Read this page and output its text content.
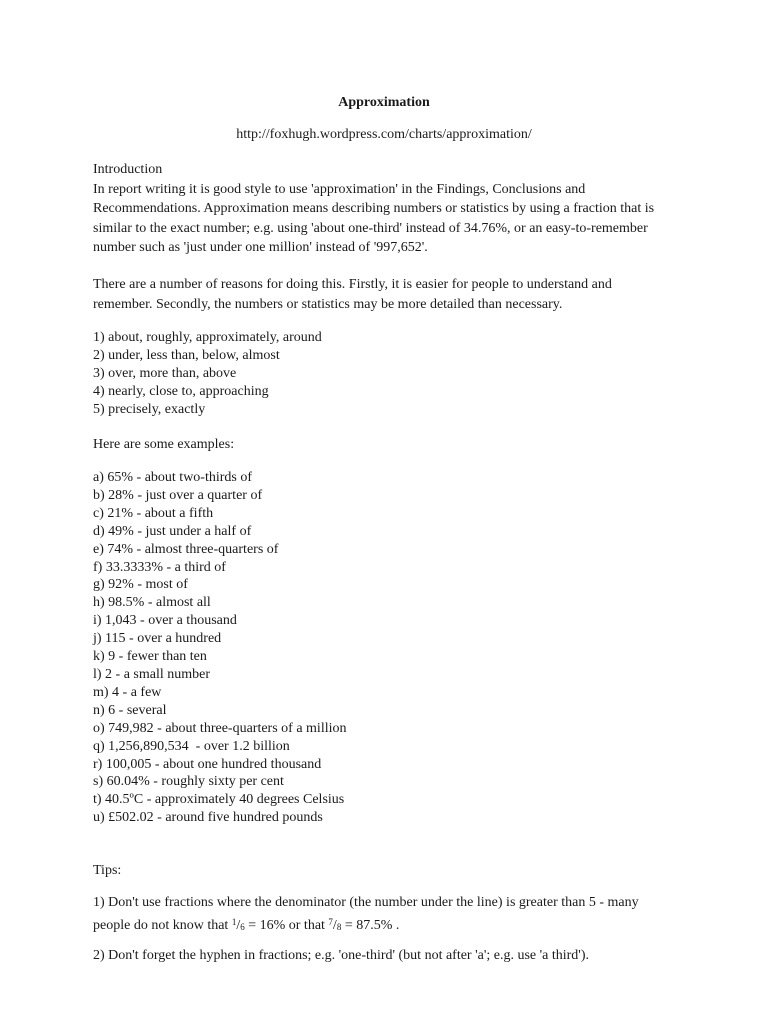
Approximation
http://foxhugh.wordpress.com/charts/approximation/

Introduction

In report writing it is good style to use 'approximation' in the Findings, Conclusions and Recommendations. Approximation means describing numbers or statistics by using a fraction that is similar to the exact number; e.g. using 'about one-third' instead of 34.76%, or an easy-to-remember number such as 'just under one million' instead of '997,652'.

There are a number of reasons for doing this. Firstly, it is easier for people to understand and remember. Secondly, the numbers or statistics may be more detailed than necessary.

1) about, roughly, approximately, around
2) under, less than, below, almost
3) over, more than, above
4) nearly, close to, approaching
5) precisely, exactly

Here are some examples:

a) 65% - about two-thirds of
b) 28% - just over a quarter of
c) 21% - about a fifth
d) 49% - just under a half of
e) 74% - almost three-quarters of
f) 33.3333% - a third of
g) 92% - most of
h) 98.5% - almost all
i) 1,043 - over a thousand
j) 115 - over a hundred
k) 9 - fewer than ten
l) 2 - a small number
m) 4 - a few
n) 6 - several
o) 749,982 - about three-quarters of a million
q) 1,256,890,534  - over 1.2 billion
r) 100,005 - about one hundred thousand
s) 60.04% - roughly sixty per cent
t) 40.5ºC - approximately 40 degrees Celsius
u) £502.02 - around five hundred pounds

Tips:

1) Don't use fractions where the denominator (the number under the line) is greater than 5 - many people do not know that $^1/_6 = 16\%$ or that $^7/_8 = 87.5\%$ .

2) Don't forget the hyphen in fractions; e.g. 'one-third' (but not after 'a'; e.g. use 'a third').
